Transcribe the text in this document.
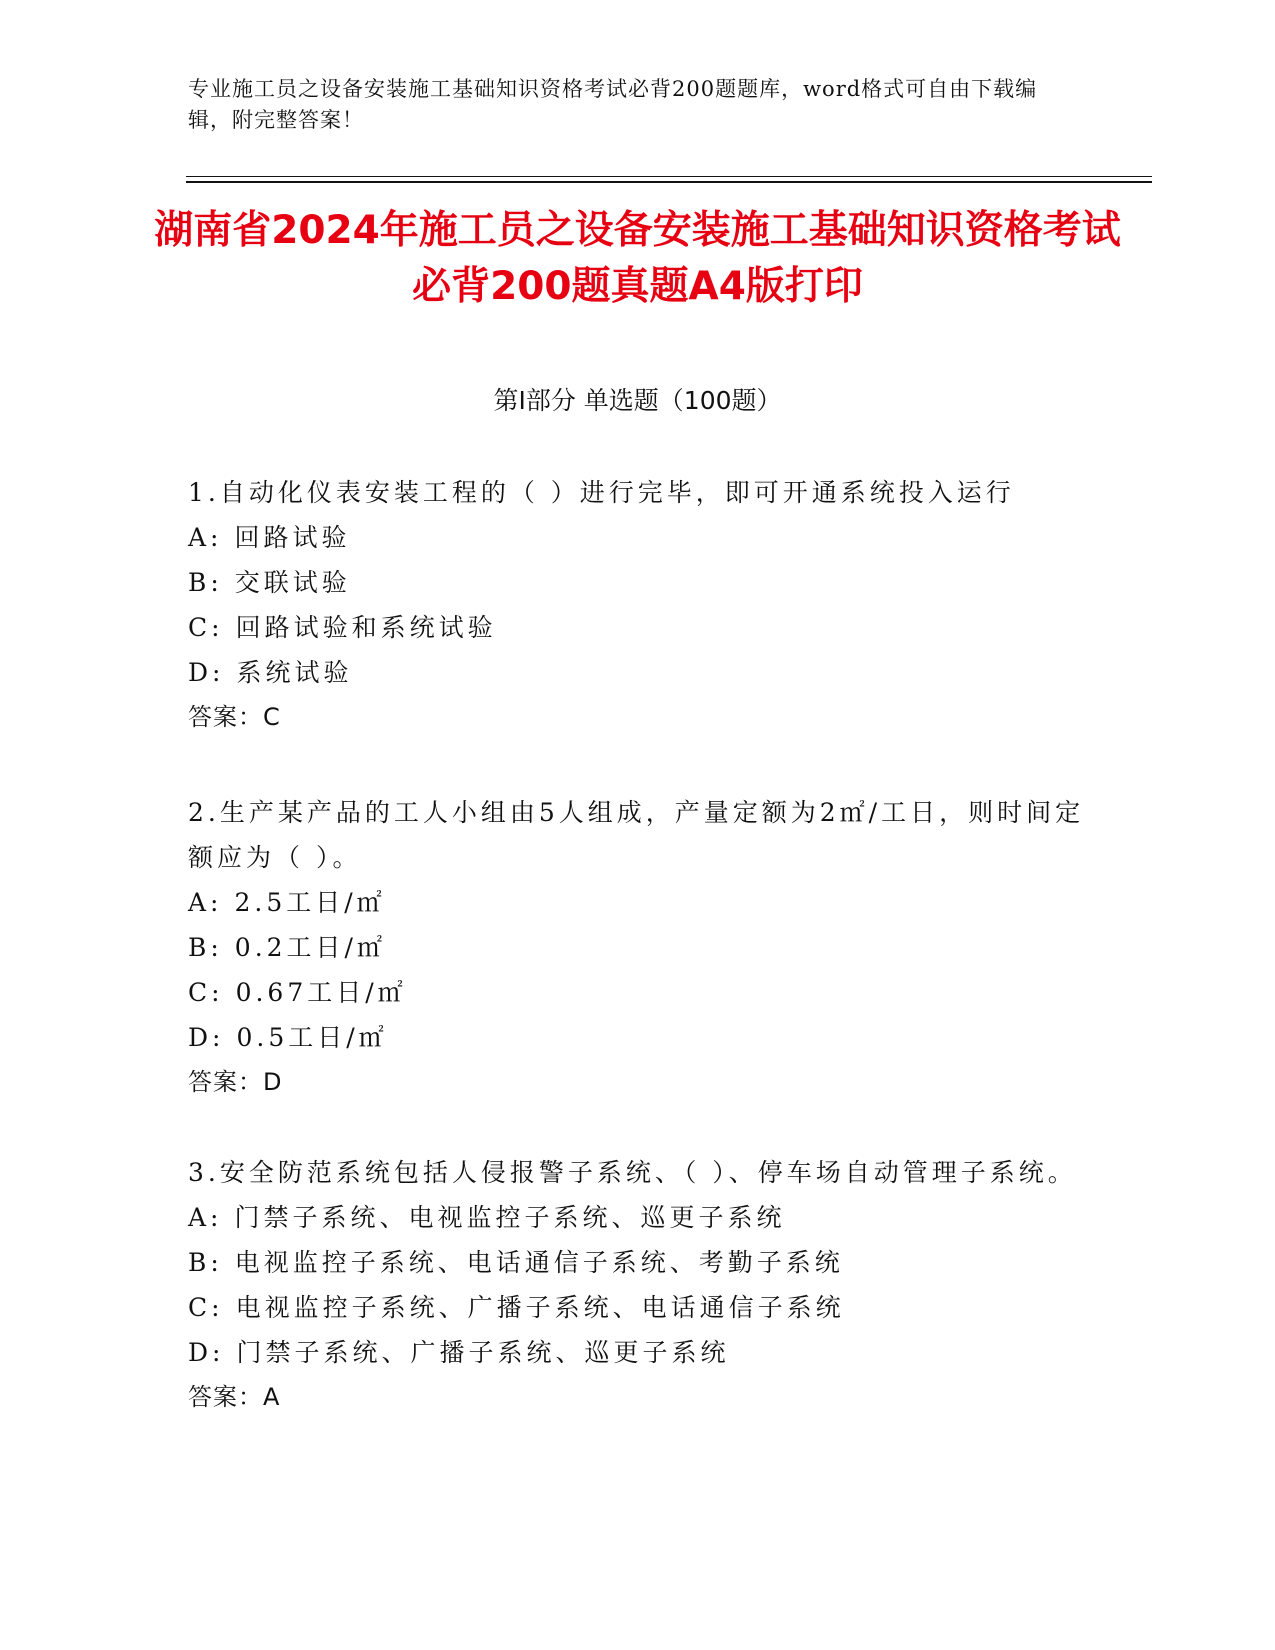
专业施工员之设备安装施工基础知识资格考试必背200题题库，word格式可自由下载编辑，附完整答案！
湖南省2024年施工员之设备安装施工基础知识资格考试必背200题真题A4版打印
第Ⅰ部分 单选题（100题）

1.自动化仪表安装工程的（ ）进行完毕，即可开通系统投入运行

A: 回路试验

B: 交联试验

C: 回路试验和系统试验

D: 系统试验

答案：C

2.生产某产品的工人小组由5人组成，产量定额为2㎡/工日，则时间定额应为（ ）。

A: 2.5工日/㎡

B: 0.2工日/㎡

C: 0.67工日/㎡

D: 0.5工日/㎡

答案：D

3.安全防范系统包括人侵报警子系统、（ ）、停车场自动管理子系统。

A: 门禁子系统、电视监控子系统、巡更子系统

B: 电视监控子系统、电话通信子系统、考勤子系统

C: 电视监控子系统、广播子系统、电话通信子系统

D: 门禁子系统、广播子系统、巡更子系统

答案：A
